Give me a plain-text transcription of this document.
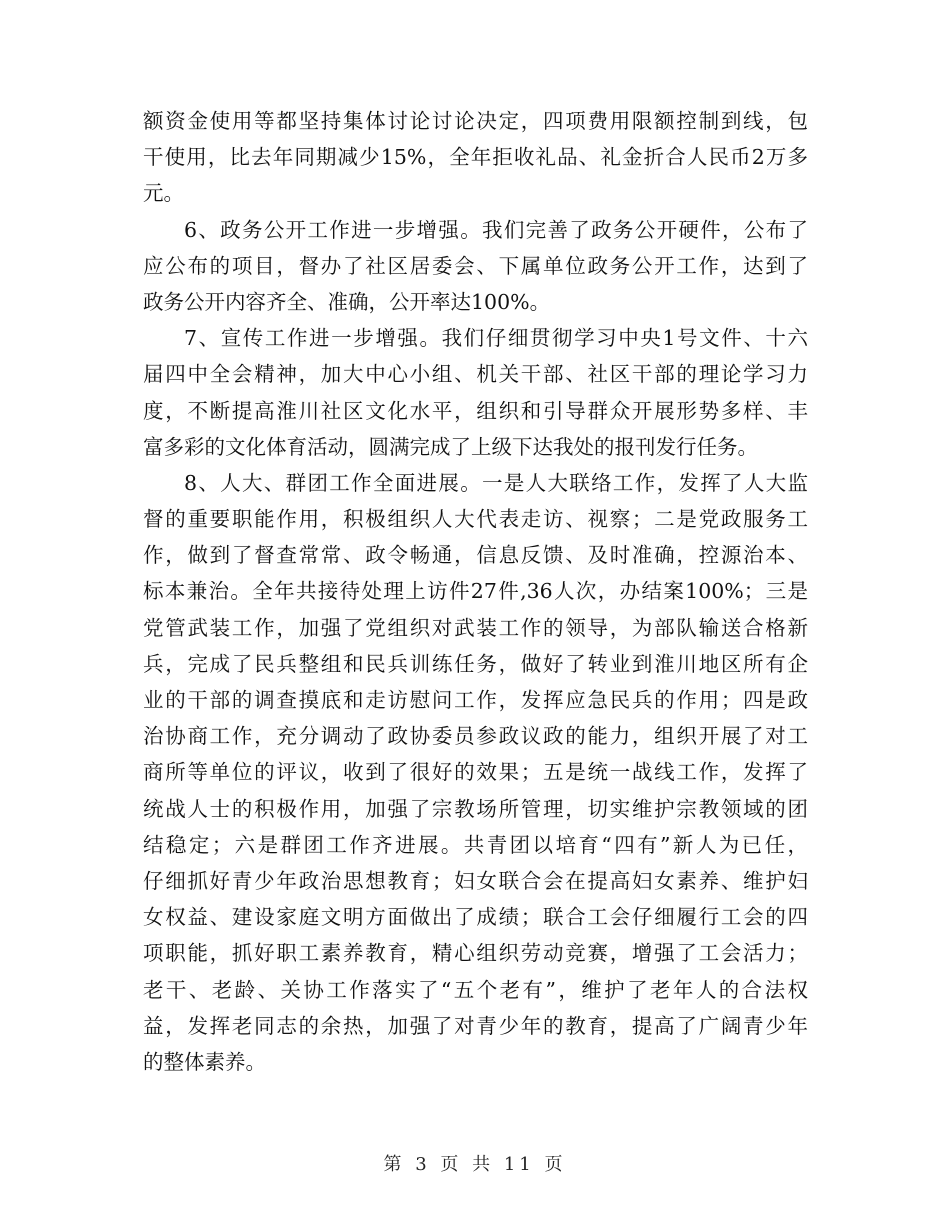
额资金使用等都坚持集体讨论讨论决定，四项费用限额控制到线，包
干使用，比去年同期减少15%，全年拒收礼品、礼金折合人民币2万多
元。
6、政务公开工作进一步增强。我们完善了政务公开硬件，公布了
应公布的项目，督办了社区居委会、下属单位政务公开工作，达到了
政务公开内容齐全、准确，公开率达100%。
7、宣传工作进一步增强。我们仔细贯彻学习中央1号文件、十六
届四中全会精神，加大中心小组、机关干部、社区干部的理论学习力
度，不断提高淮川社区文化水平，组织和引导群众开展形势多样、丰
富多彩的文化体育活动，圆满完成了上级下达我处的报刊发行任务。
8、人大、群团工作全面进展。一是人大联络工作，发挥了人大监
督的重要职能作用，积极组织人大代表走访、视察；二是党政服务工
作，做到了督查常常、政令畅通，信息反馈、及时准确，控源治本、
标本兼治。全年共接待处理上访件27件,36人次，办结案100%；三是
党管武装工作，加强了党组织对武装工作的领导，为部队输送合格新
兵，完成了民兵整组和民兵训练任务，做好了转业到淮川地区所有企
业的干部的调查摸底和走访慰问工作，发挥应急民兵的作用；四是政
治协商工作，充分调动了政协委员参政议政的能力，组织开展了对工
商所等单位的评议，收到了很好的效果；五是统一战线工作，发挥了
统战人士的积极作用，加强了宗教场所管理，切实维护宗教领域的团
结稳定；六是群团工作齐进展。共青团以培育“四有”新人为已任，
仔细抓好青少年政治思想教育；妇女联合会在提高妇女素养、维护妇
女权益、建设家庭文明方面做出了成绩；联合工会仔细履行工会的四
项职能，抓好职工素养教育，精心组织劳动竞赛，增强了工会活力；
老干、老龄、关协工作落实了“五个老有”，维护了老年人的合法权
益，发挥老同志的余热，加强了对青少年的教育，提高了广阔青少年
的整体素养。
第 3 页 共 11 页
